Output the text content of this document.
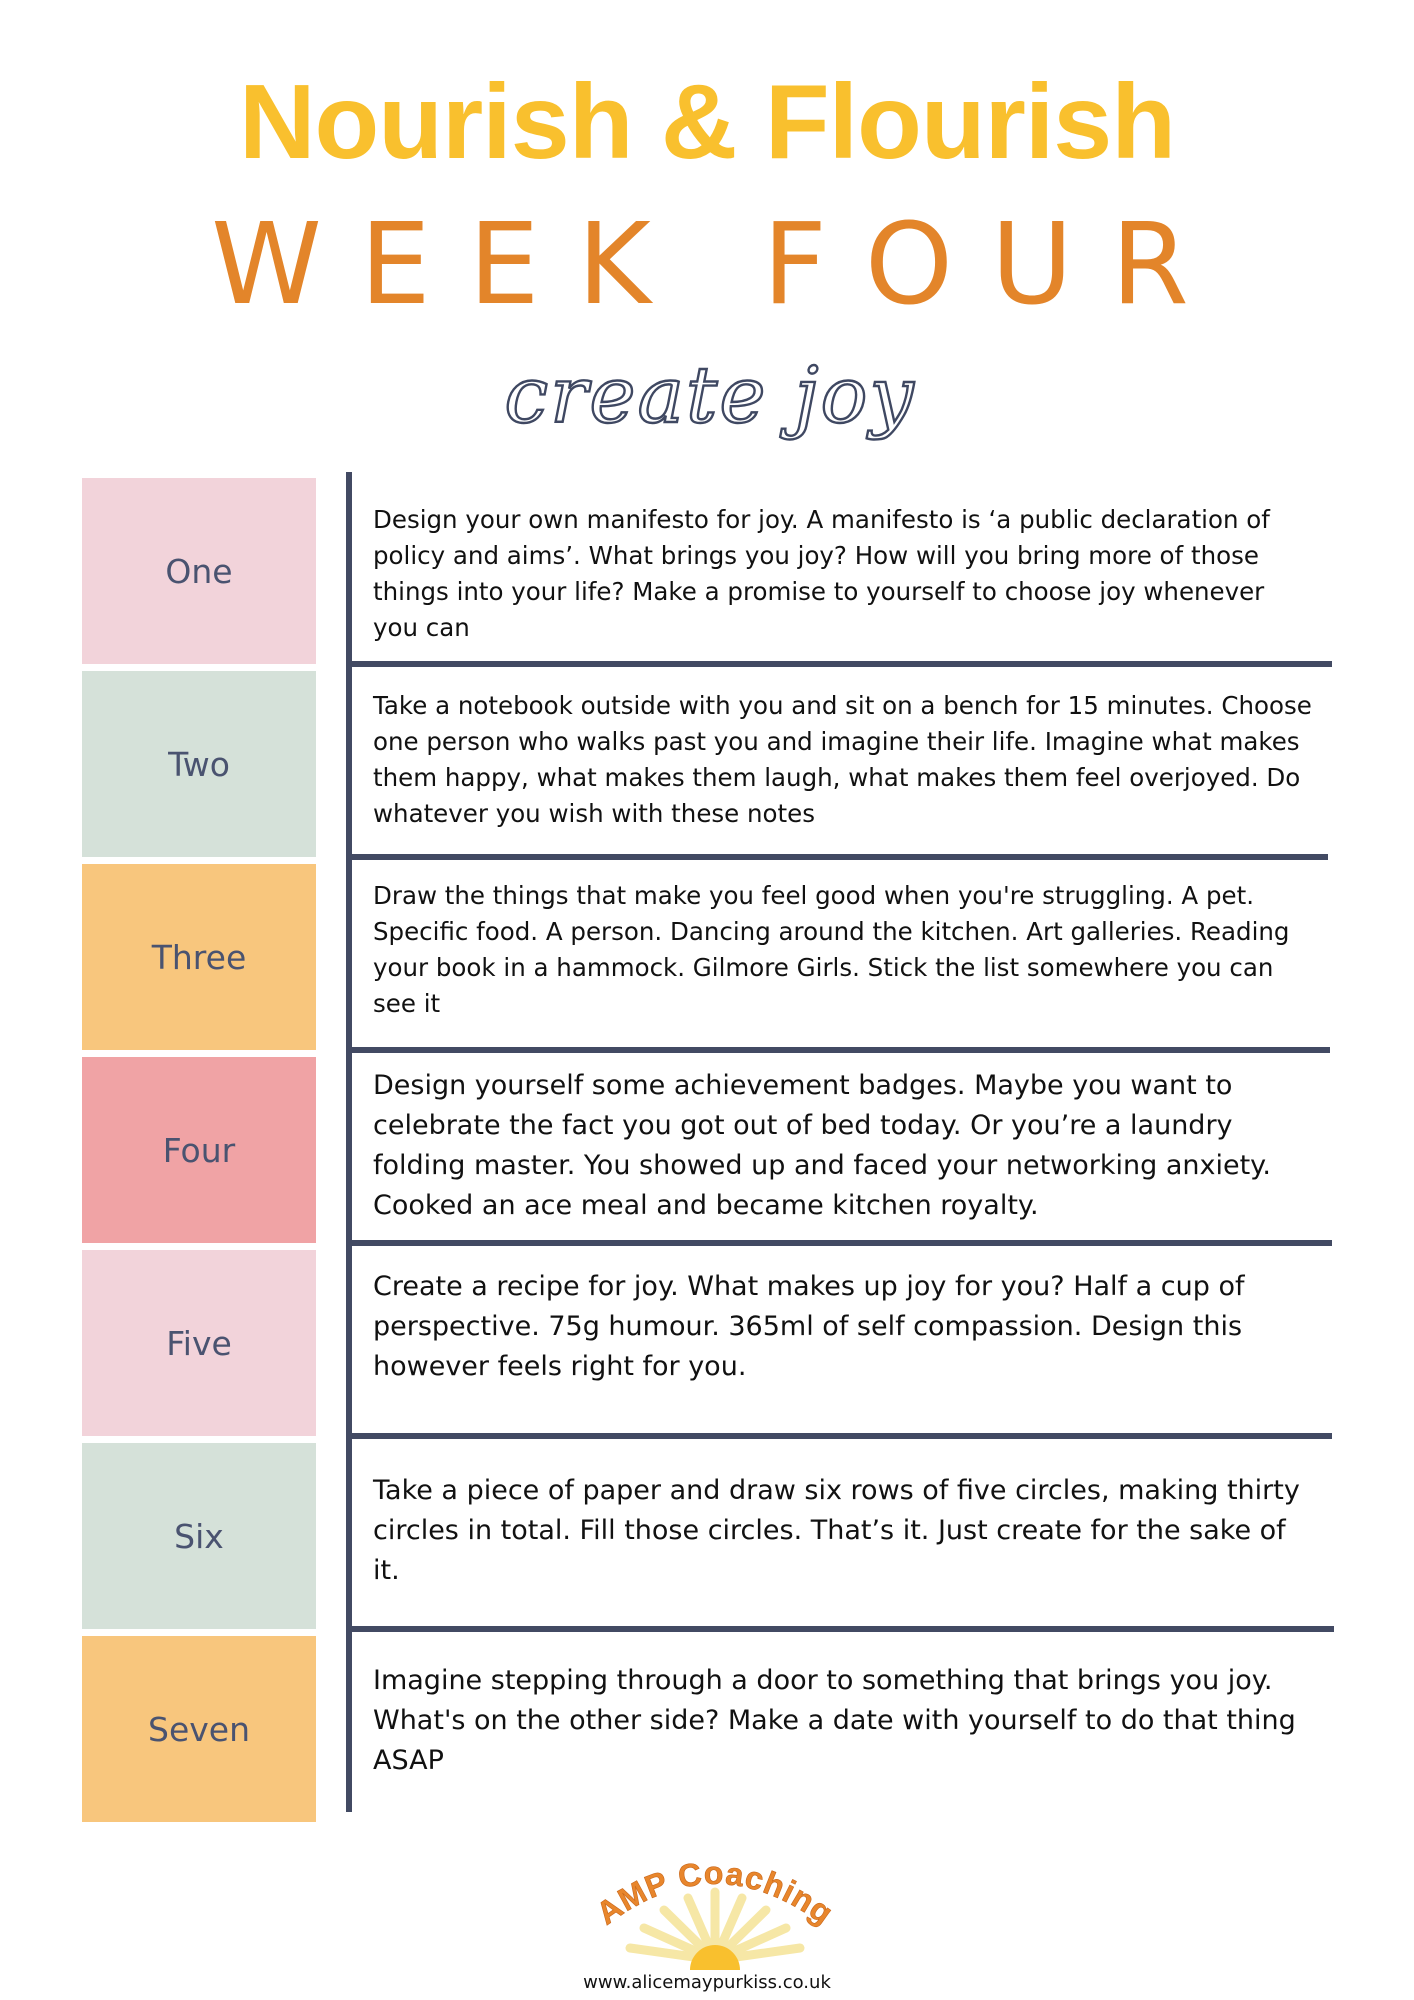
Nourish & Flourish
WEEK FOUR
create joy
One
Two
Three
Four
Five
Six
Seven
Design your own manifesto for joy. A manifesto is ‘a public declaration of policy and aims’. What brings you joy? How will you bring more of those things into your life? Make a promise to yourself to choose joy whenever you can
Take a notebook outside with you and sit on a bench for 15 minutes. Choose one person who walks past you and imagine their life. Imagine what makes them happy, what makes them laugh, what makes them feel overjoyed. Do whatever you wish with these notes
Draw the things that make you feel good when you're struggling. A pet. Specific food. A person. Dancing around the kitchen. Art galleries. Reading your book in a hammock. Gilmore Girls. Stick the list somewhere you can see it
Design yourself some achievement badges. Maybe you want to celebrate the fact you got out of bed today. Or you’re a laundry folding master. You showed up and faced your networking anxiety. Cooked an ace meal and became kitchen royalty.
Create a recipe for joy. What makes up joy for you? Half a cup of perspective. 75g humour. 365ml of self compassion. Design this however feels right for you.
Take a piece of paper and draw six rows of five circles, making thirty circles in total. Fill those circles. That’s it. Just create for the sake of it.
Imagine stepping through a door to something that brings you joy. What's on the other side? Make a date with yourself to do that thing ASAP
AMP Coaching
www.alicemaypurkiss.co.uk
